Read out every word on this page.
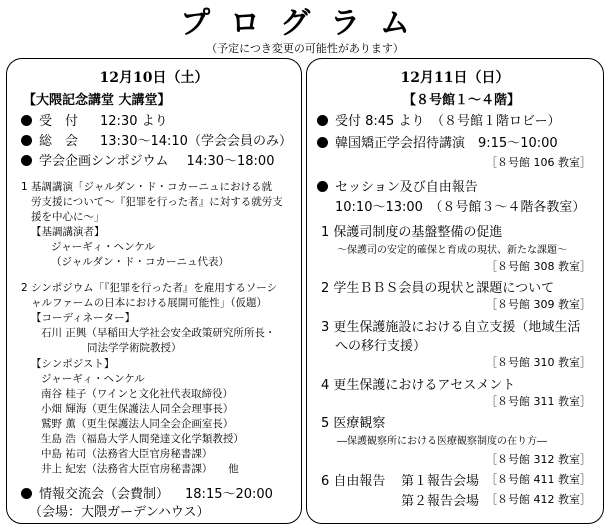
プログラム
（予定につき変更の可能性があります）
12月10日（土）
【大隈記念講堂 大講堂】
受　付 12:30 より
総　会 13:30～14:10（学会会員のみ）
学会企画シンポジウム 14:30～18:00
1 基調講演「ジャルダン・ド・コカーニュにおける就
労支援について～『犯罪を行った者』に対する就労支
援を中心に～」
【基調講演者】
ジャーギィ・ヘンケル
（ジャルダン・ド・コカーニュ代表）
2 シンポジウム「『犯罪を行った者』を雇用するソーシ
ャルファームの日本における展開可能性」（仮題）
【コーディネーター】
石川 正興（早稲田大学社会安全政策研究所所長・
同法学学術院教授）
【シンポジスト】
ジャーギィ・ヘンケル
南谷 桂子（ワインと文化社代表取締役）
小畑 輝海（更生保護法人同全会理事長）
鷲野 薫（更生保護法人同全会企画室長）
生島 浩（福島大学人間発達文化学類教授）
中島 祐司（法務省大臣官房秘書課）
井上 紀宏（法務省大臣官房秘書課）　　他
情報交流会（会費制） 18:15～20:00
（会場：大隈ガーデンハウス）
12月11日（日）
【８号館１～４階】
受付 8:45 より　（８号館１階ロビー）
韓国矯正学会招待講演　9:15～10:00
［８号館 106 教室］
セッション及び自由報告
10:10～13:00　（８号館３～４階各教室）
1 保護司制度の基盤整備の促進
～保護司の安定的確保と育成の現状、新たな課題～
［８号館 308 教室］
2 学生ＢＢＳ会員の現状と課題について
［８号館 309 教室］
3 更生保護施設における自立支援（地域生活
への移行支援）
［８号館 310 教室］
4 更生保護におけるアセスメント
［８号館 311 教室］
5 医療観察
―保護観察所における医療観察制度の在り方―
［８号館 312 教室］
6 自由報告 第１報告会場 ［８号館 411 教室］
第２報告会場 ［８号館 412 教室］
